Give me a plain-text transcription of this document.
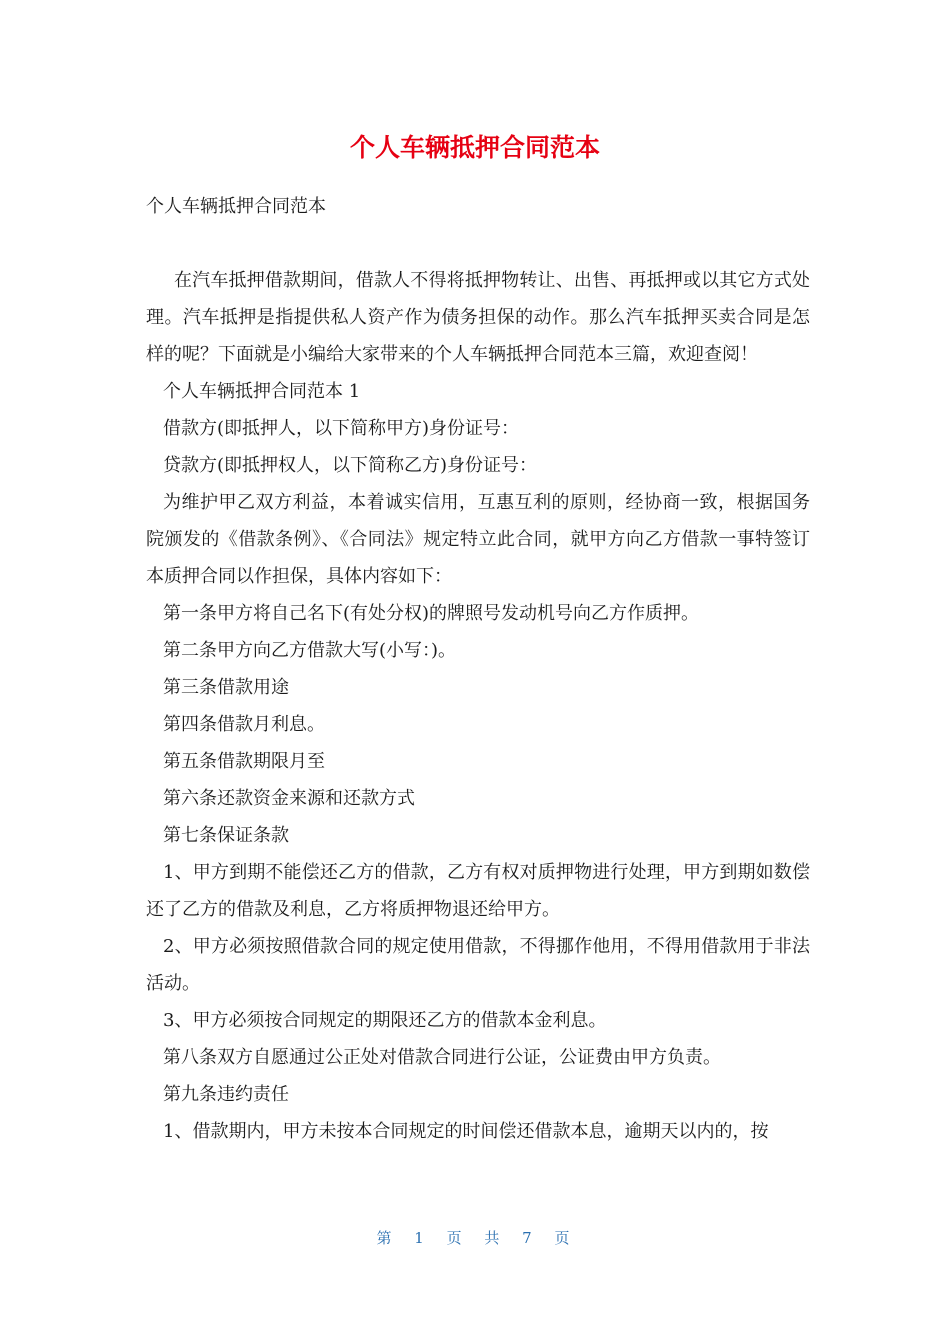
个人车辆抵押合同范本

个人车辆抵押合同范本

在汽车抵押借款期间，借款人不得将抵押物转让、出售、再抵押或以其它方式处理。汽车抵押是指提供私人资产作为债务担保的动作。那么汽车抵押买卖合同是怎样的呢？下面就是小编给大家带来的个人车辆抵押合同范本三篇，欢迎查阅！

个人车辆抵押合同范本 1

借款方(即抵押人，以下简称甲方)身份证号：

贷款方(即抵押权人，以下简称乙方)身份证号：

为维护甲乙双方利益，本着诚实信用，互惠互利的原则，经协商一致，根据国务院颁发的《借款条例》、《合同法》规定特立此合同，就甲方向乙方借款一事特签订本质押合同以作担保，具体内容如下：

第一条甲方将自己名下(有处分权)的牌照号发动机号向乙方作质押。

第二条甲方向乙方借款大写(小写：)。

第三条借款用途

第四条借款月利息。

第五条借款期限月至

第六条还款资金来源和还款方式

第七条保证条款

1、甲方到期不能偿还乙方的借款，乙方有权对质押物进行处理，甲方到期如数偿还了乙方的借款及利息，乙方将质押物退还给甲方。

2、甲方必须按照借款合同的规定使用借款，不得挪作他用，不得用借款用于非法活动。

3、甲方必须按合同规定的期限还乙方的借款本金利息。

第八条双方自愿通过公正处对借款合同进行公证，公证费由甲方负责。

第九条违约责任

1、借款期内，甲方未按本合同规定的时间偿还借款本息，逾期天以内的，按

第 1 页 共 7 页
